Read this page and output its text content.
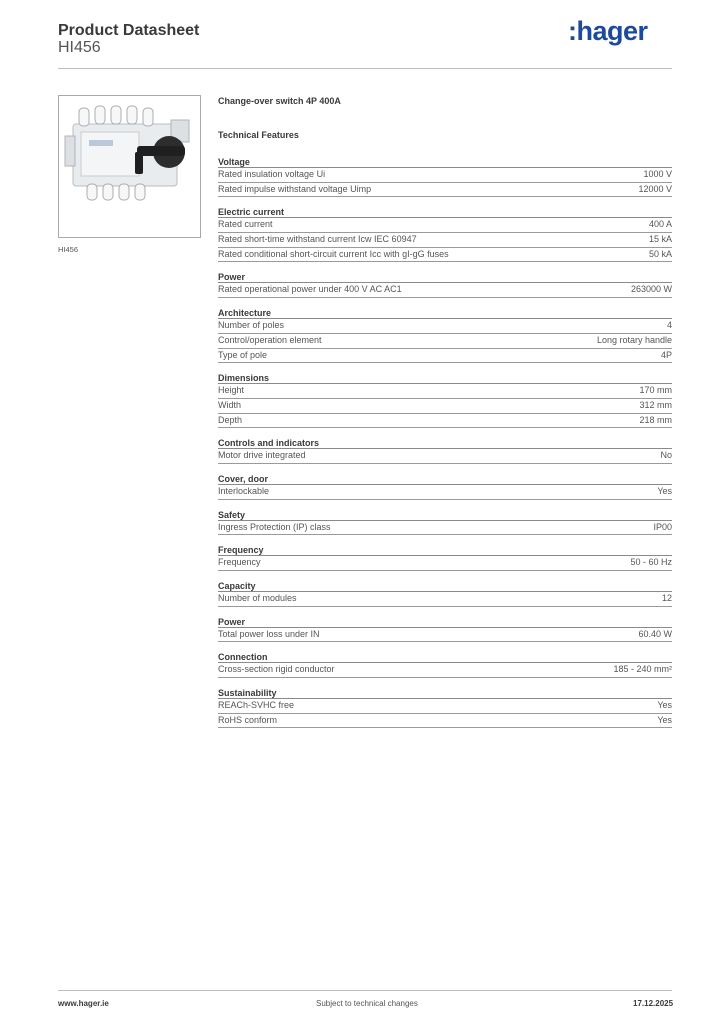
Product Datasheet
HI456
:hager
HI456
Change-over switch 4P 400A
Technical Features
Voltage
Rated insulation voltage Ui	1000 V
Rated impulse withstand voltage Uimp	12000 V
Electric current
Rated current	400 A
Rated short-time withstand current Icw IEC 60947	15 kA
Rated conditional short-circuit current Icc with gI-gG fuses	50 kA
Power
Rated operational power under 400 V AC AC1	263000 W
Architecture
Number of poles	4
Control/operation element	Long rotary handle
Type of pole	4P
Dimensions
Height	170 mm
Width	312 mm
Depth	218 mm
Controls and indicators
Motor drive integrated	No
Cover, door
Interlockable	Yes
Safety
Ingress Protection (IP) class	IP00
Frequency
Frequency	50 - 60 Hz
Capacity
Number of modules	12
Power
Total power loss under IN	60.40 W
Connection
Cross-section rigid conductor	185 - 240 mm²
Sustainability
REACh-SVHC free	Yes
RoHS conform	Yes
www.hager.ie	Subject to technical changes	17.12.2025
